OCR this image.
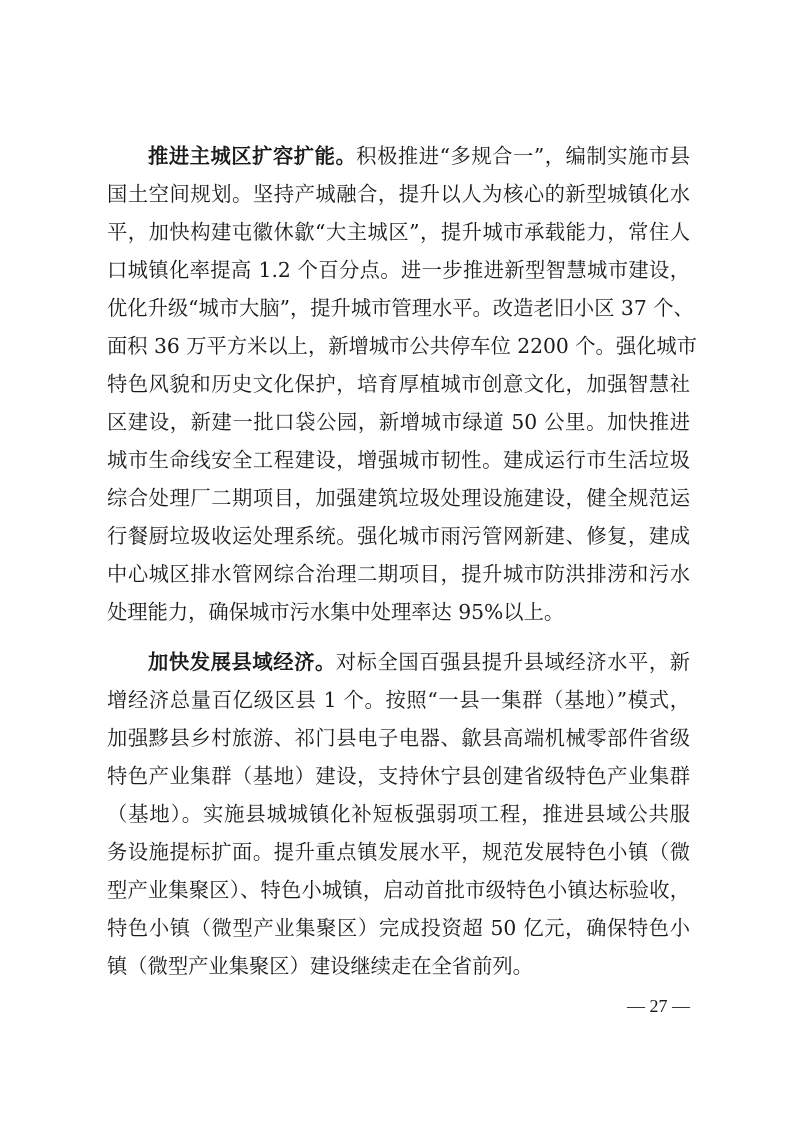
推进主城区扩容扩能。积极推进“多规合一”，编制实施市县
国土空间规划。坚持产城融合，提升以人为核心的新型城镇化水
平，加快构建屯徽休歙“大主城区”，提升城市承载能力，常住人
口城镇化率提高 1.2 个百分点。进一步推进新型智慧城市建设，
优化升级“城市大脑”，提升城市管理水平。改造老旧小区 37 个、
面积 36 万平方米以上，新增城市公共停车位 2200 个。强化城市
特色风貌和历史文化保护，培育厚植城市创意文化，加强智慧社
区建设，新建一批口袋公园，新增城市绿道 50 公里。加快推进
城市生命线安全工程建设，增强城市韧性。建成运行市生活垃圾
综合处理厂二期项目，加强建筑垃圾处理设施建设，健全规范运
行餐厨垃圾收运处理系统。强化城市雨污管网新建、修复，建成
中心城区排水管网综合治理二期项目，提升城市防洪排涝和污水
处理能力，确保城市污水集中处理率达 95%以上。
加快发展县域经济。对标全国百强县提升县域经济水平，新
增经济总量百亿级区县 1 个。按照“一县一集群（基地）”模式，
加强黟县乡村旅游、祁门县电子电器、歙县高端机械零部件省级
特色产业集群（基地）建设，支持休宁县创建省级特色产业集群
（基地）。实施县城城镇化补短板强弱项工程，推进县域公共服
务设施提标扩面。提升重点镇发展水平，规范发展特色小镇（微
型产业集聚区）、特色小城镇，启动首批市级特色小镇达标验收，
特色小镇（微型产业集聚区）完成投资超 50 亿元，确保特色小
镇（微型产业集聚区）建设继续走在全省前列。
— 27 —
